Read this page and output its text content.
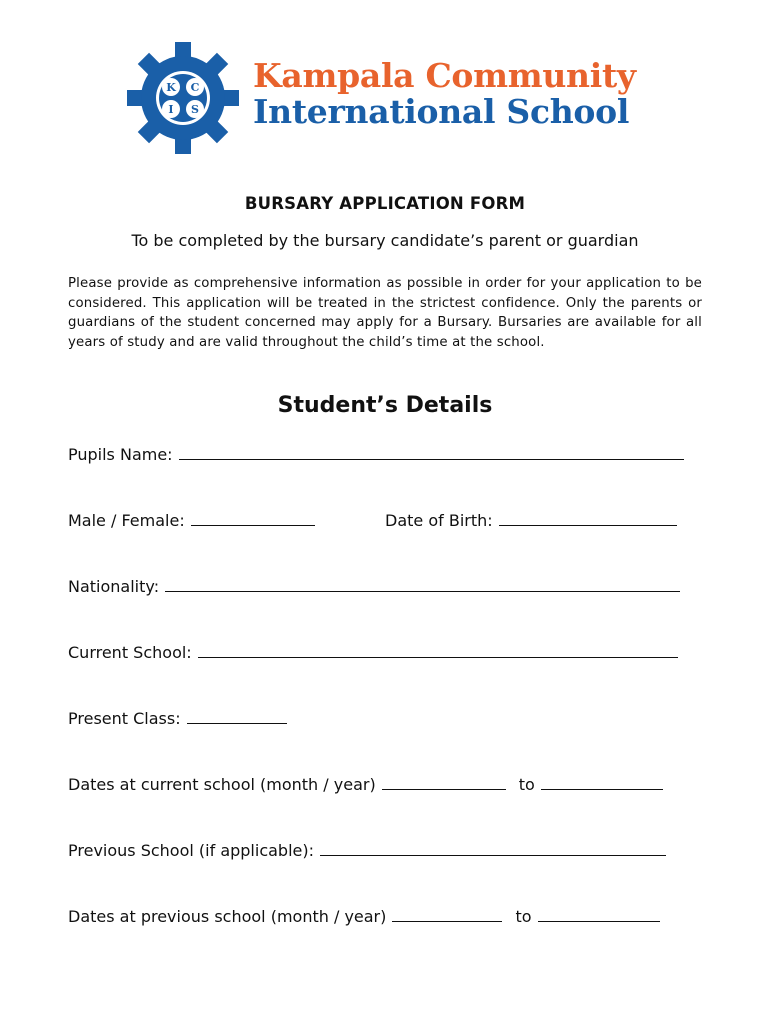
K C
I S
Kampala Community
International School
BURSARY APPLICATION FORM
To be completed by the bursary candidate’s parent or guardian
Please provide as comprehensive information as possible in order for your application to be considered. This application will be treated in the strictest confidence. Only the parents or guardians of the student concerned may apply for a Bursary. Bursaries are available for all years of study and are valid throughout the child’s time at the school.
Student’s Details
Pupils Name:
Male / Female:	Date of Birth:
Nationality:
Current School:
Present Class:
Dates at current school (month / year)	to
Previous School (if applicable):
Dates at previous school (month / year)	to
